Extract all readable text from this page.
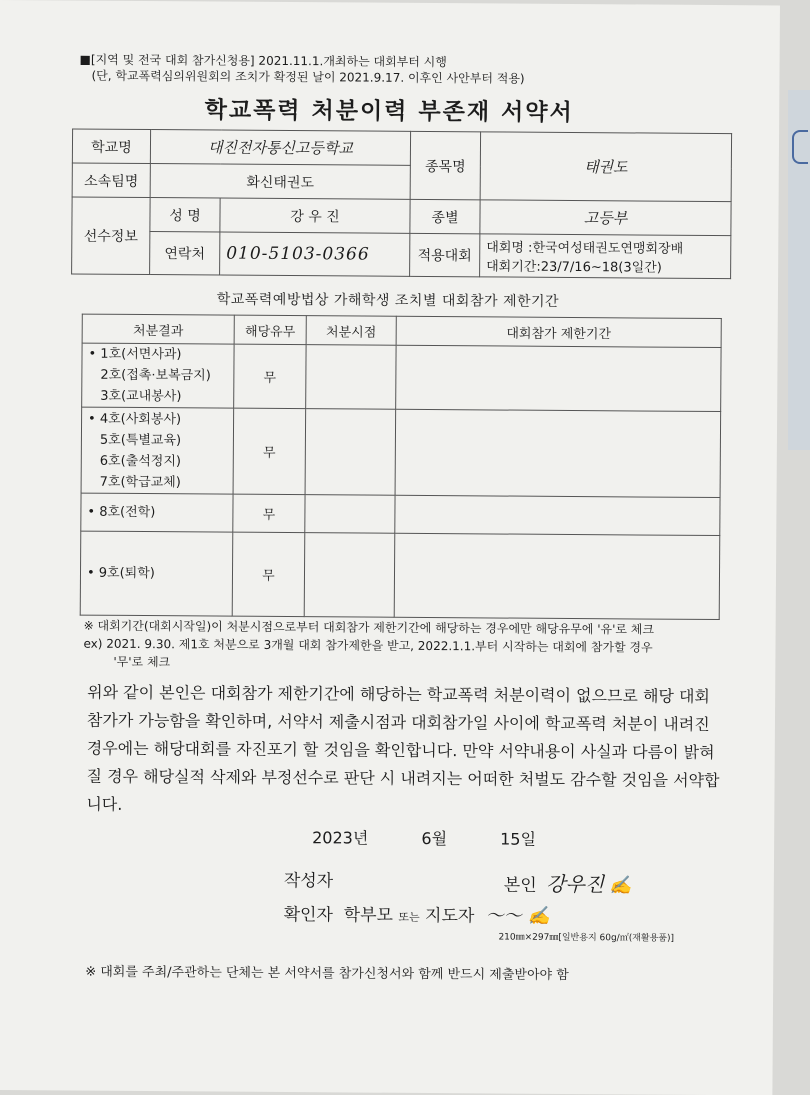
■[지역 및 전국 대회 참가신청용] 2021.11.1.개최하는 대회부터 시행
(단, 학교폭력심의위원회의 조치가 확정된 날이 2021.9.17. 이후인 사안부터 적용)
학교폭력 처분이력 부존재 서약서
학교명	대진전자통신고등학교		종목명	태권도
소속팀명	화신태권도			
선수정보	성 명	강 우 진	종별	고등부
	연락처	010-5103-0366	적용대회	대회명 :한국여성태권도연맹회장배
대회기간:23/7/16~18(3일간)
학교폭력예방법상 가해학생 조치별 대회참가 제한기간
처분결과	해당유무	처분시점	대회참가 제한기간

• 1호(서면사과)
2호(접촉·보복금지)
3호(교내봉사)	무		

• 4호(사회봉사)
5호(특별교육)
6호(출석정지)
7호(학급교체)	무		

• 8호(전학)	무		

• 9호(퇴학)	무		
※ 대회기간(대회시작일)이 처분시점으로부터 대회참가 제한기간에 해당하는 경우에만 해당유무에 '유'로 체크
ex) 2021. 9.30. 제1호 처분으로 3개월 대회 참가제한을 받고, 2022.1.1.부터 시작하는 대회에 참가할 경우
'무'로 체크
위와 같이 본인은 대회참가 제한기간에 해당하는 학교폭력 처분이력이 없으므로 해당 대회 참가가 가능함을 확인하며, 서약서 제출시점과 대회참가일 사이에 학교폭력 처분이 내려진 경우에는 해당대회를 자진포기 할 것임을 확인합니다. 만약 서약내용이 사실과 다름이 밝혀질 경우 해당실적 삭제와 부정선수로 판단 시 내려지는 어떠한 처벌도 감수할 것임을 서약합니다.
2023년	6월	15일
작성자	본인 강우진 ✍
확인자 학부모 또는 지도자 〜〜 ✍
210㎜×297㎜[일반용지 60g/㎡(재활용품)]
※ 대회를 주최/주관하는 단체는 본 서약서를 참가신청서와 함께 반드시 제출받아야 함
